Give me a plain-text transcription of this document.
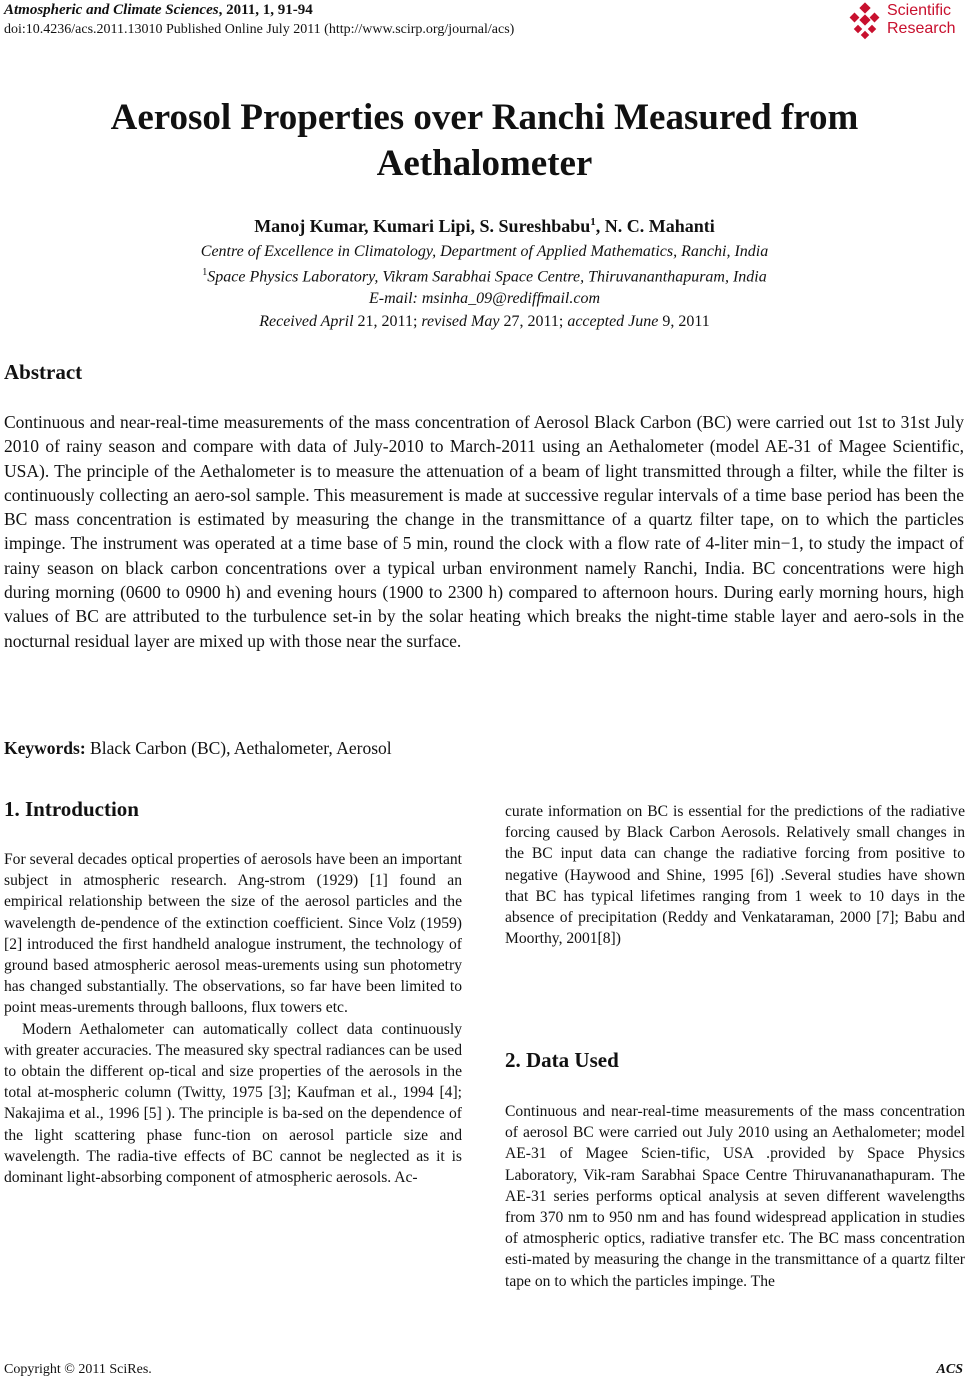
Atmospheric and Climate Sciences, 2011, 1, 91-94
doi:10.4236/acs.2011.13010 Published Online July 2011 (http://www.scirp.org/journal/acs)
Scientific
Research
Aerosol Properties over Ranchi Measured from
Aethalometer
Manoj Kumar, Kumari Lipi, S. Sureshbabu$^1$, N. C. Mahanti
Centre of Excellence in Climatology, Department of Applied Mathematics, Ranchi, India
$^1$Space Physics Laboratory, Vikram Sarabhai Space Centre, Thiruvananthapuram, India
E-mail: msinha_09@rediffmail.com
Received April 21, 2011; revised May 27, 2011; accepted June 9, 2011
Abstract
Continuous and near-real-time measurements of the mass concentration of Aerosol Black Carbon (BC) were carried out 1st to 31st July 2010 of rainy season and compare with data of July-2010 to March-2011 using an Aethalometer (model AE-31 of Magee Scientific, USA). The principle of the Aethalometer is to measure the attenuation of a beam of light transmitted through a filter, while the filter is continuously collecting an aero-sol sample. This measurement is made at successive regular intervals of a time base period has been the BC mass concentration is estimated by measuring the change in the transmittance of a quartz filter tape, on to which the particles impinge. The instrument was operated at a time base of 5 min, round the clock with a flow rate of 4-liter min−1, to study the impact of rainy season on black carbon concentrations over a typical urban environment namely Ranchi, India. BC concentrations were high during morning (0600 to 0900 h) and evening hours (1900 to 2300 h) compared to afternoon hours. During early morning hours, high values of BC are attributed to the turbulence set-in by the solar heating which breaks the night-time stable layer and aero-sols in the nocturnal residual layer are mixed up with those near the surface.
Keywords: Black Carbon (BC), Aethalometer, Aerosol
1. Introduction

For several decades optical properties of aerosols have been an important subject in atmospheric research. Ang-strom (1929) [1] found an empirical relationship between the size of the aerosol particles and the wavelength de-pendence of the extinction coefficient. Since Volz (1959) [2] introduced the first handheld analogue instrument, the technology of ground based atmospheric aerosol meas-urements using sun photometry has changed substantially. The observations, so far have been limited to point meas-urements through balloons, flux towers etc.

Modern Aethalometer can automatically collect data continuously with greater accuracies. The measured sky spectral radiances can be used to obtain the different op-tical and size properties of the aerosols in the total at-mospheric column (Twitty, 1975 [3]; Kaufman et al., 1994 [4]; Nakajima et al., 1996 [5] ). The principle is ba-sed on the dependence of the light scattering phase func-tion on aerosol particle size and wavelength. The radia-tive effects of BC cannot be neglected as it is dominant light-absorbing component of atmospheric aerosols. Ac-

curate information on BC is essential for the predictions of the radiative forcing caused by Black Carbon Aerosols. Relatively small changes in the BC input data can change the radiative forcing from positive to negative (Haywood and Shine, 1995 [6]) .Several studies have shown that BC has typical lifetimes ranging from 1 week to 10 days in the absence of precipitation (Reddy and Venkataraman, 2000 [7]; Babu and Moorthy, 2001[8])

2. Data Used

Continuous and near-real-time measurements of the mass concentration of aerosol BC were carried out July 2010 using an Aethalometer; model AE-31 of Magee Scien-tific, USA .provided by Space Physics Laboratory, Vik-ram Sarabhai Space Centre Thiruvananathapuram. The AE-31 series performs optical analysis at seven different wavelengths from 370 nm to 950 nm and has found widespread application in studies of atmospheric optics, radiative transfer etc. The BC mass concentration esti-mated by measuring the change in the transmittance of a quartz filter tape on to which the particles impinge. The

Copyright © 2011 SciRes.	ACS
